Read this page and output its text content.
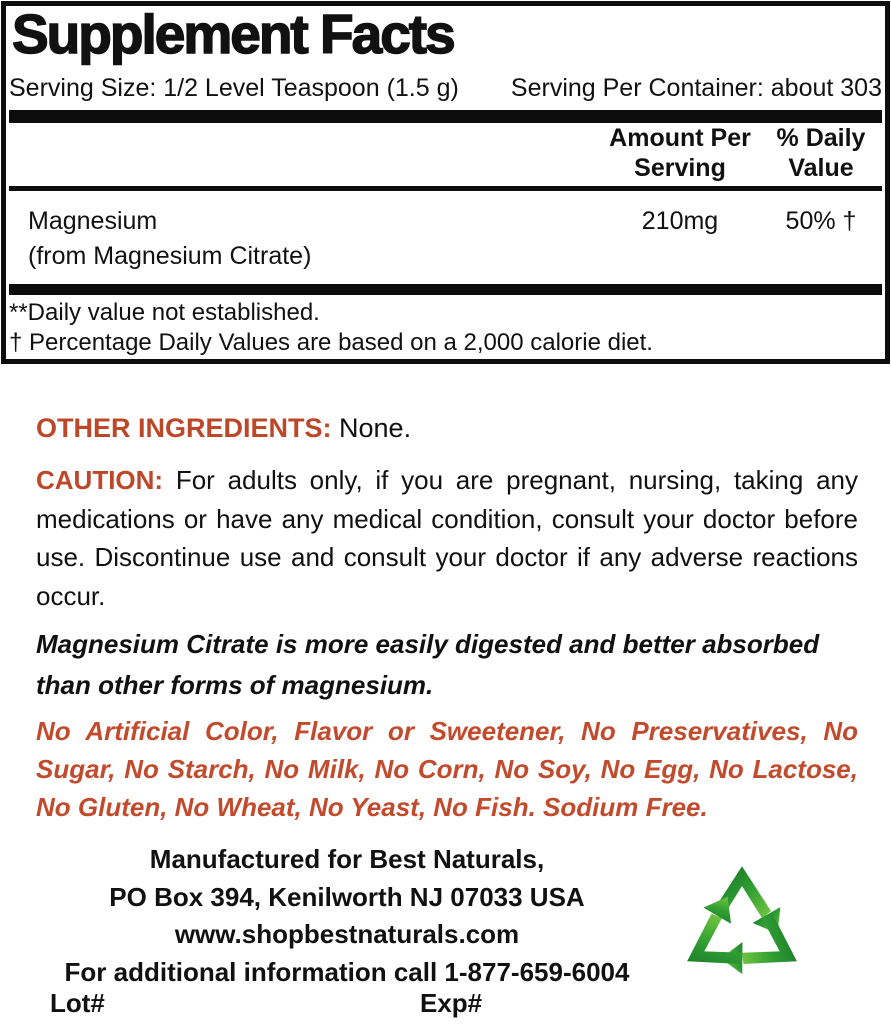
Supplement Facts
Serving Size: 1/2 Level Teaspoon (1.5 g) Serving Per Container: about 303
Amount Per
Serving
% Daily
Value
Magnesium
(from Magnesium Citrate)
210mg	50% †
**Daily value not established.
† Percentage Daily Values are based on a 2,000 calorie diet.
OTHER INGREDIENTS: None.
CAUTION: For adults only, if you are pregnant, nursing, taking any medications or have any medical condition, consult your doctor before use. Discontinue use and consult your doctor if any adverse reactions occur.
Magnesium Citrate is more easily digested and better absorbed than other forms of magnesium.
No Artificial Color, Flavor or Sweetener, No Preservatives, No Sugar, No Starch, No Milk, No Corn, No Soy, No Egg, No Lactose, No Gluten, No Wheat, No Yeast, No Fish. Sodium Free.
Manufactured for Best Naturals,
PO Box 394, Kenilworth NJ 07033 USA
www.shopbestnaturals.com
For additional information call 1-877-659-6004
Lot#	Exp#
